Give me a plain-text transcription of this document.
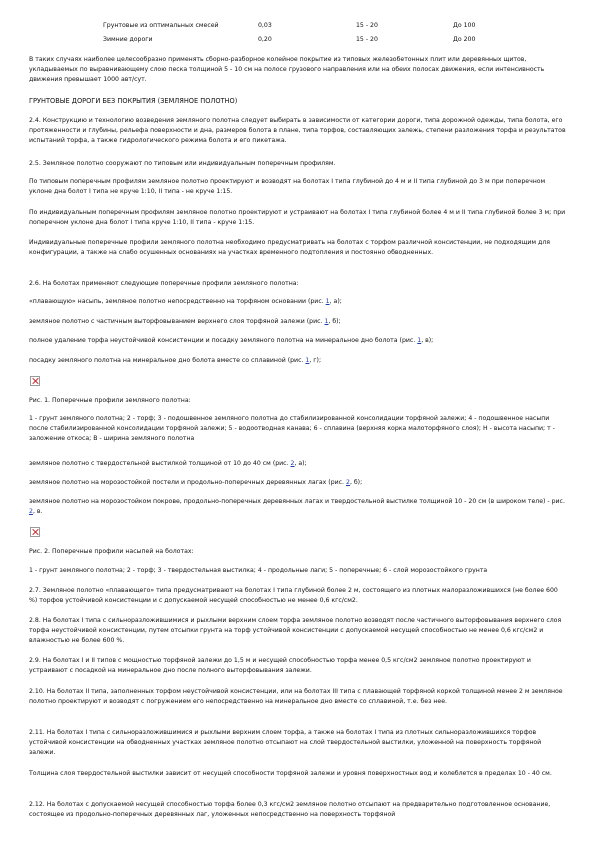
Грунтовые из оптимальных смесей	0,03	15 - 20	До 100
Зимние дороги	0,20	15 - 20	До 200

В таких случаях наиболее целесообразно применять сборно-разборное колейное покрытие из типовых железобетонных плит или деревянных щитов, укладываемых по выравнивающему слою песка толщиной 5 - 10 см на полосе грузового направления или на обеих полосах движения, если интенсивность движения превышает 1000 авт/сут.

ГРУНТОВЫЕ ДОРОГИ БЕЗ ПОКРЫТИЯ (ЗЕМЛЯНОЕ ПОЛОТНО)

2.4. Конструкцию и технологию возведения земляного полотна следует выбирать в зависимости от категории дороги, типа дорожной одежды, типа болота, его протяженности и глубины, рельефа поверхности и дна, размеров болота в плане, типа торфов, составляющих залежь, степени разложения торфа и результатов испытаний торфа, а также гидрологического режима болота и его пикетажа.

2.5. Земляное полотно сооружают по типовым или индивидуальным поперечным профилям.

По типовым поперечным профилям земляное полотно проектируют и возводят на болотах I типа глубиной до 4 м и II типа глубиной до 3 м при поперечном уклоне дна болот I типа не круче 1:10, II типа - не круче 1:15.

По индивидуальным поперечным профилям земляное полотно проектируют и устраивают на болотах I типа глубиной более 4 м и II типа глубиной более 3 м; при поперечном уклоне дна болот I типа круче 1:10, II типа - круче 1:15.

Индивидуальные поперечные профили земляного полотна необходимо предусматривать на болотах с торфом различной консистенции, не подходящим для конфигурации, а также на слабо осушенных основаниях на участках временного подтопления и постоянно обводненных.

2.6. На болотах применяют следующие поперечные профили земляного полотна:

«плавающую» насыпь, земляное полотно непосредственно на торфяном основании (рис. 1, а);

земляное полотно с частичным выторфовыванием верхнего слоя торфяной залежи (рис. 1, б);

полное удаление торфа неустойчивой консистенции и посадку земляного полотна на минеральное дно болота (рис. 1, в);

посадку земляного полотна на минеральное дно болота вместе со сплавиной (рис. 1, г);

Рис. 1. Поперечные профили земляного полотна:

1 - грунт земляного полотна; 2 - торф; 3 - подошвенное земляного полотна до стабилизированной консолидации торфяной залежи; 4 - подошвенное насыпи после стабилизированной консолидации торфяной залежи; 5 - водоотводная канава; 6 - сплавина (верхняя корка малоторфяного слоя); Н - высота насыпи; т - заложение откоса; В - ширина земляного полотна

земляное полотно с твердостельной выстилкой толщиной от 10 до 40 см (рис. 2, а);

земляное полотно на морозостойкой постели и продольно-поперечных деревянных лагах (рис. 2, б);

земляное полотно на морозостойком покрове, продольно-поперечных деревянных лагах и твердостельной выстилке толщиной 10 - 20 см (в широком теле) - рис. 2, в.

Рис. 2. Поперечные профили насыпей на болотах:

1 - грунт земляного полотна; 2 - торф; 3 - твердостельная выстилка; 4 - продольные лаги; 5 - поперечные; 6 - слой морозостойкого грунта

2.7. Земляное полотно «плавающего» типа предусматривают на болотах I типа глубиной более 2 м, состоящего из плотных малоразложившихся (не более 600 %) торфов устойчивой консистенции и с допускаемой несущей способностью не менее 0,6 кгс/см2.

2.8. На болотах I типа с сильноразложившимися и рыхлыми верхним слоем торфа земляное полотно возводят после частичного выторфовывания верхнего слоя торфа неустойчивой консистенции, путем отсыпки грунта на торф устойчивой консистенции с допускаемой несущей способностью не менее 0,6 кгс/см2 и влажностью не более 600 %.

2.9. На болотах I и II типов с мощностью торфяной залежи до 1,5 м и несущей способностью торфа менее 0,5 кгс/см2 земляное полотно проектируют и устраивают с посадкой на минеральное дно после полного выторфовывания залежи.

2.10. На болотах II типа, заполненных торфом неустойчивой консистенции, или на болотах III типа с плавающей торфяной коркой толщиной менее 2 м земляное полотно проектируют и возводят с погружением его непосредственно на минеральное дно вместе со сплавиной, т.е. без нее.

2.11. На болотах I типа с сильноразложившимися и рыхлыми верхним слоем торфа, а также на болотах I типа из плотных сильноразложившихся торфов устойчивой консистенции на обводненных участках земляное полотно отсыпают на слой твердостельной выстилки, уложенной на поверхность торфяной залежи.

Толщина слоя твердостельной выстилки зависит от несущей способности торфяной залежи и уровня поверхностных вод и колеблется в пределах 10 - 40 см.

2.12. На болотах с допускаемой несущей способностью торфа более 0,3 кгс/см2 земляное полотно отсыпают на предварительно подготовленное основание, состоящее из продольно-поперечных деревянных лаг, уложенных непосредственно на поверхность торфяной
